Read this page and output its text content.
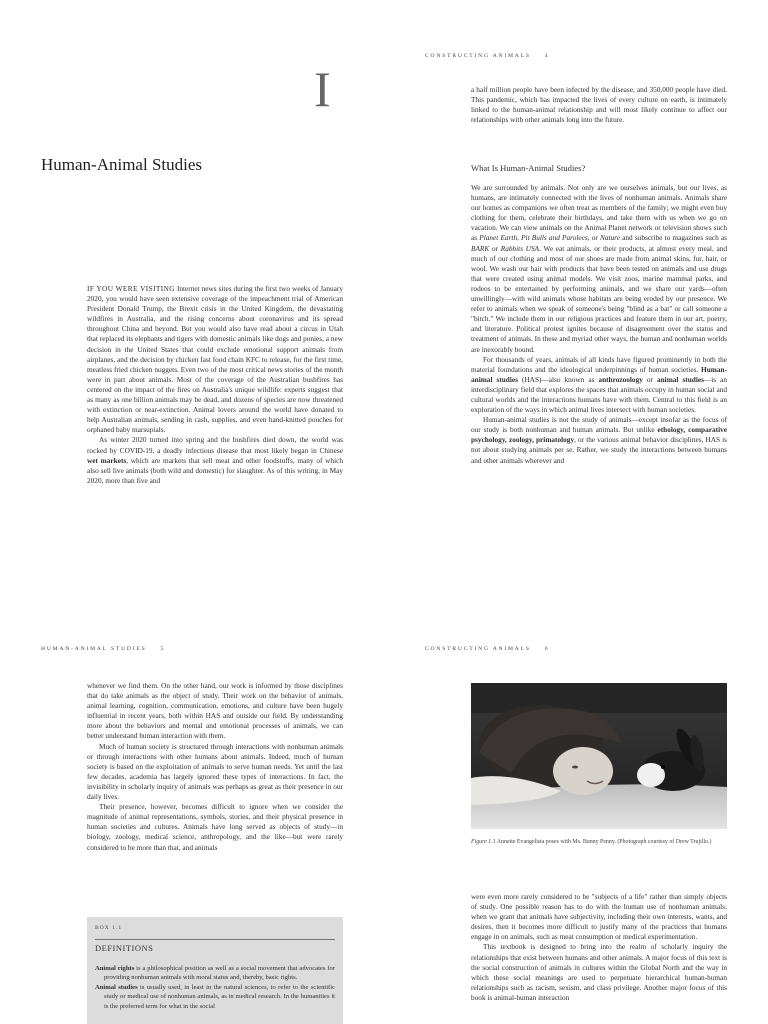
I
Human-Animal Studies

IF YOU WERE VISITING Internet news sites during the first two weeks of January 2020, you would have seen extensive coverage of the impeachment trial of American President Donald Trump, the Brexit crisis in the United Kingdom, the devastating wildfires in Australia, and the rising concerns about coronavirus and its spread throughout China and beyond. But you would also have read about a circus in Utah that replaced its elephants and tigers with domestic animals like dogs and ponies, a new decision in the United States that could exclude emotional support animals from airplanes, and the decision by chicken fast food chain KFC to release, for the first time, meatless fried chicken nuggets. Even two of the most critical news stories of the month were in part about animals. Most of the coverage of the Australian bushfires has centered on the impact of the fires on Australia's unique wildlife: experts suggest that as many as one billion animals may be dead, and dozens of species are now threatened with extinction or near-extinction. Animal lovers around the world have donated to help Australian animals, sending in cash, supplies, and even hand-knitted pouches for orphaned baby marsupials.

As winter 2020 turned into spring and the bushfires died down, the world was rocked by COVID-19, a deadly infectious disease that most likely began in Chinese wet markets, which are markets that sell meat and other foodstuffs, many of which also sell live animals (both wild and domestic) for slaughter. As of this writing, in May 2020, more than five and

CONSTRUCTING ANIMALS	4

a half million people have been infected by the disease, and 350,000 people have died. This pandemic, which has impacted the lives of every culture on earth, is intimately linked to the human-animal relationship and will most likely continue to affect our relationships with other animals long into the future.

What Is Human-Animal Studies?

We are surrounded by animals. Not only are we ourselves animals, but our lives, as humans, are intimately connected with the lives of nonhuman animals. Animals share our homes as companions we often treat as members of the family; we might even buy clothing for them, celebrate their birthdays, and take them with us when we go on vacation. We can view animals on the Animal Planet network or television shows such as Planet Earth, Pit Bulls and Parolees, or Nature and subscribe to magazines such as BARK or Rabbits USA. We eat animals, or their products, at almost every meal, and much of our clothing and most of our shoes are made from animal skins, fur, hair, or wool. We wash our hair with products that have been tested on animals and use drugs that were created using animal models. We visit zoos, marine mammal parks, and rodeos to be entertained by performing animals, and we share our yards—often unwillingly—with wild animals whose habitats are being eroded by our presence. We refer to animals when we speak of someone's being "blind as a bat" or call someone a "bitch." We include them in our religious practices and feature them in our art, poetry, and literature. Political protest ignites because of disagreement over the status and treatment of animals. In these and myriad other ways, the human and nonhuman worlds are inexorably bound.

For thousands of years, animals of all kinds have figured prominently in both the material foundations and the ideological underpinnings of human societies. Human-animal studies (HAS)—also known as anthrozoology or animal studies—is an interdisciplinary field that explores the spaces that animals occupy in human social and cultural worlds and the interactions humans have with them. Central to this field is an exploration of the ways in which animal lives intersect with human societies.

Human-animal studies is not the study of animals—except insofar as the focus of our study is both nonhuman and human animals. But unlike ethology, comparative psychology, zoology, primatology, or the various animal behavior disciplines, HAS is not about studying animals per se. Rather, we study the interactions between humans and other animals wherever and

HUMAN-ANIMAL STUDIES	5

whenever we find them. On the other hand, our work is informed by those disciplines that do take animals as the object of study. Their work on the behavior of animals, animal learning, cognition, communication, emotions, and culture have been hugely influential in recent years, both within HAS and outside our field. By understanding more about the behaviors and mental and emotional processes of animals, we can better understand human interaction with them.

Much of human society is structured through interactions with nonhuman animals or through interactions with other humans about animals. Indeed, much of human society is based on the exploitation of animals to serve human needs. Yet until the last few decades, academia has largely ignored these types of interactions. In fact, the invisibility in scholarly inquiry of animals was perhaps as great as their presence in our daily lives.

Their presence, however, becomes difficult to ignore when we consider the magnitude of animal representations, symbols, stories, and their physical presence in human societies and cultures. Animals have long served as objects of study—in biology, zoology, medical science, anthropology, and the like—but were rarely considered to be more than that, and animals

BOX 1.1
DEFINITIONS

Animal rights is a philosophical position as well as a social movement that advocates for providing nonhuman animals with moral status and, thereby, basic rights.

Animal studies is usually used, in least in the natural sciences, to refer to the scientific study or medical use of nonhuman animals, as in medical research. In the humanities it is the preferred term for what in the social

CONSTRUCTING ANIMALS	6
Figure 1.1 Annette Evangelista poses with Ms. Bunny Penny. (Photograph courtesy of Drew Trujillo.)

were even more rarely considered to be "subjects of a life" rather than simply objects of study. One possible reason has to do with the human use of nonhuman animals: when we grant that animals have subjectivity, including their own interests, wants, and desires, then it becomes more difficult to justify many of the practices that humans engage in on animals, such as meat consumption or medical experimentation.

This textbook is designed to bring into the realm of scholarly inquiry the relationships that exist between humans and other animals. A major focus of this text is the social construction of animals in cultures within the Global North and the way in which these social meanings are used to perpetuate hierarchical human-human relationships such as racism, sexism, and class privilege. Another major focus of this book is animal-human interaction
